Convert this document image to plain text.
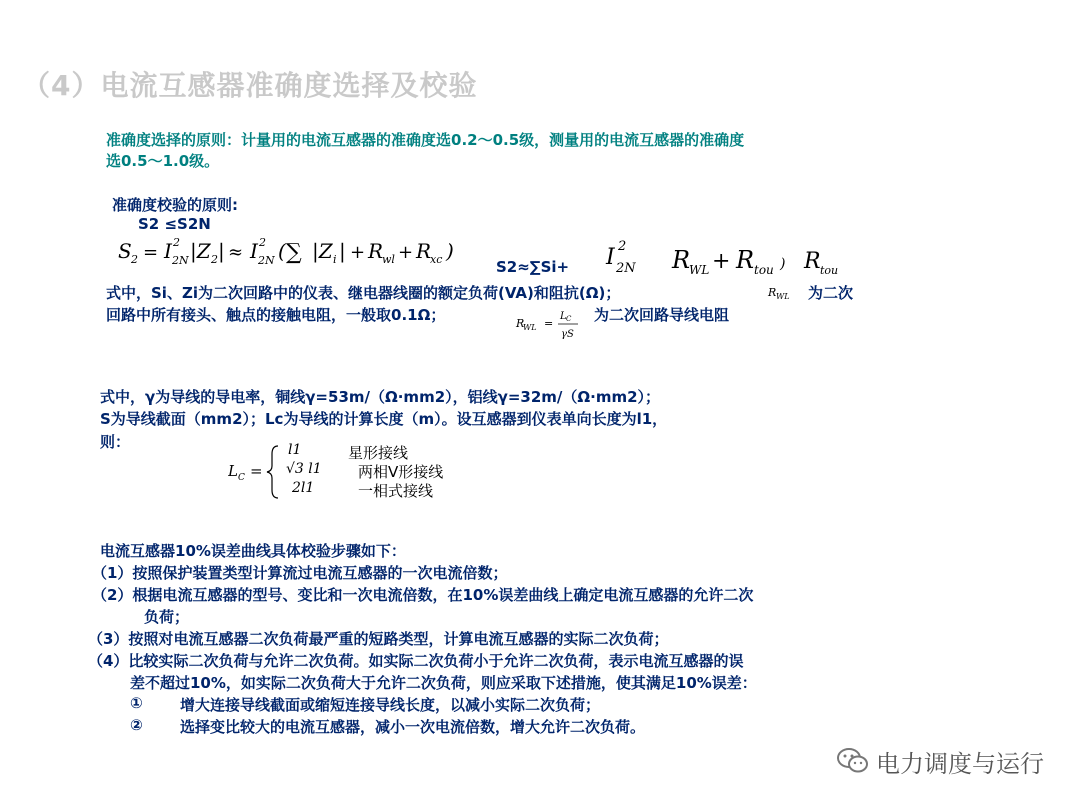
（4）电流互感器准确度选择及校验
准确度选择的原则：计量用的电流互感器的准确度选0.2～0.5级，测量用的电流互感器的准确度
选0.5～1.0级。
准确度校验的原则:
S2 ≤S2N
S 2 = I 2
2N |Z 2 | ≈ I 2
2N ( ∑ |Z i | + R
wl + R
xc )
S2≈∑Si+ I 2
2N R
WL + R tou ) R tou
式中，Si、Zi为二次回路中的仪表、继电器线圈的额定负荷(VA)和阻抗(Ω)；	R WL 为二次
回路中所有接头、触点的接触电阻，一般取0.1Ω；	R
WL =
L C
γS
为二次回路导线电阻
式中，γ为导线的导电率，铜线γ=53m/（Ω·mm2），铝线γ=32m/（Ω·mm2）；
S为导线截面（mm2）；Lc为导线的计算长度（m）。设互感器到仪表单向长度为l1，
则：
L C =
l1
√3 l1
2l1
星形接线
两相V形接线
一相式接线
电流互感器10%误差曲线具体校验步骤如下：
（1）按照保护装置类型计算流过电流互感器的一次电流倍数；
（2）根据电流互感器的型号、变比和一次电流倍数，在10%误差曲线上确定电流互感器的允许二次
负荷；
（3）按照对电流互感器二次负荷最严重的短路类型，计算电流互感器的实际二次负荷；
（4）比较实际二次负荷与允许二次负荷。如实际二次负荷小于允许二次负荷，表示电流互感器的误
差不超过10%，如实际二次负荷大于允许二次负荷，则应采取下述措施，使其满足10%误差：
① 增大连接导线截面或缩短连接导线长度，以减小实际二次负荷；
② 选择变比较大的电流互感器，减小一次电流倍数，增大允许二次负荷。
电力调度与运行
